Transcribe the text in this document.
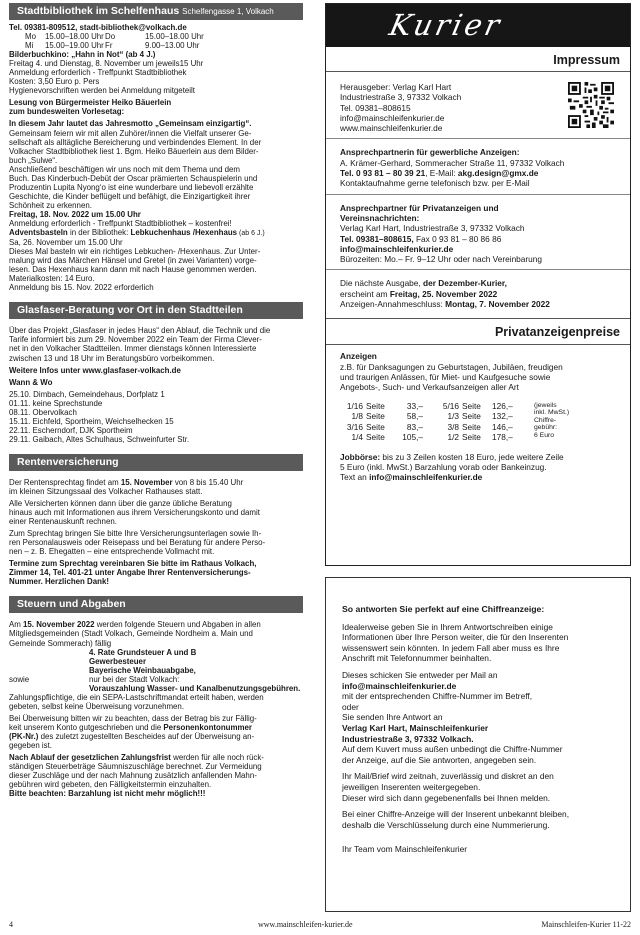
Stadtbibliothek im Schelfenhaus Schelfengasse 1, Volkach
Tel. 09381-809512, stadt-bibliothek@volkach.de
Mo	15.00–18.00 Uhr Do	15.00–18.00 Uhr
Mi	15.00–19.00 Uhr Fr	9.00–13.00 Uhr
Bilderbuchkino: „Hahn in Not“ (ab 4 J.)
Freitag 4. und Dienstag, 8. November um jeweils15 Uhr
Anmeldung erforderlich - Treffpunkt Stadtbibliothek
Kosten: 3,50 Euro p. Pers
Hygienevorschriften werden bei Anmeldung mitgeteilt
Lesung von Bürgermeister Heiko Bäuerlein
zum bundesweiten Vorlesetag:
In diesem Jahr lautet das Jahresmotto „Gemeinsam einzigartig“.
Gemeinsam feiern wir mit allen Zuhörer/innen die Vielfalt unserer Ge-
sellschaft als alltägliche Bereicherung und verbindendes Element. In der
Volkacher Stadtbibliothek liest 1. Bgm. Heiko Bäuerlein aus dem Bilder-
buch „Sulwe“.
Anschließend beschäftigen wir uns noch mit dem Thema und dem
Buch. Das Kinderbuch-Debüt der Oscar prämierten Schauspielerin und
Produzentin Lupita Nyong‘o ist eine wunderbare und liebevoll erzählte
Geschichte, die Kinder beflügelt und befähigt, die Einzigartigkeit ihrer
Schönheit zu erkennen.
Freitag, 18. Nov. 2022 um 15.00 Uhr
Anmeldung erforderlich - Treffpunkt Stadtbibliothek – kostenfrei!
Adventsbasteln in der Bibliothek: Lebkuchenhaus /Hexenhaus (ab 6 J.)
Sa, 26. November um 15.00 Uhr
Dieses Mal basteln wir ein richtiges Lebkuchen- /Hexenhaus. Zur Unter-
malung wird das Märchen Hänsel und Gretel (in zwei Varianten) vorge-
lesen. Das Hexenhaus kann dann mit nach Hause genommen werden.
Materialkosten: 14 Euro.
Anmeldung bis 15. Nov. 2022 erforderlich
Glasfaser-Beratung vor Ort in den Stadtteilen
Über das Projekt „Glasfaser in jedes Haus“ den Ablauf, die Technik und die
Tarife informiert bis zum 29. November 2022 ein Team der Firma Clever-
net in den Volkacher Stadtteilen. Immer dienstags können Interessierte
zwischen 13 und 18 Uhr im Beratungsbüro vorbeikommen.
Weitere Infos unter www.glasfaser-volkach.de
Wann & Wo
25.10. Dimbach, Gemeindehaus, Dorfplatz 1
01.11. keine Sprechstunde
08.11. Obervolkach
15.11. Eichfeld, Sportheim, Weichselhecken 15
22.11. Escherndorf, DJK Sportheim
29.11. Gaibach, Altes Schulhaus, Schweinfurter Str.
Rentenversicherung
Der Rentensprechtag findet am 15. November von 8 bis 15.40 Uhr
im kleinen Sitzungssaal des Volkacher Rathauses statt.
Alle Versicherten können dann über die ganze übliche Beratung
hinaus auch mit Informationen aus ihrem Versicherungskonto und damit
einer Rentenauskunft rechnen.
Zum Sprechtag bringen Sie bitte Ihre Versicherungsunterlagen sowie Ih-
ren Personalausweis oder Reisepass und bei Beratung für andere Perso-
nen – z. B. Ehegatten – eine entsprechende Vollmacht mit.
Termine zum Sprechtag vereinbaren Sie bitte im Rathaus Volkach,
Zimmer 14, Tel. 401-21 unter Angabe Ihrer Rentenversicherungs-
Nummer. Herzlichen Dank!
Steuern und Abgaben
Am 15. November 2022 werden folgende Steuern und Abgaben in allen
Mitgliedsgemeinden (Stadt Volkach, Gemeinde Nordheim a. Main und
Gemeinde Sommerach) fällig
4. Rate Grundsteuer A und B
Gewerbesteuer
Bayerische Weinbauabgabe,
sowie	nur bei der Stadt Volkach:
Vorauszahlung Wasser- und Kanalbenutzungsgebühren.
Zahlungspflichtige, die ein SEPA-Lastschriftmandat erteilt haben, werden
gebeten, selbst keine Überweisung vorzunehmen.
Bei Überweisung bitten wir zu beachten, dass der Betrag bis zur Fällig-
keit unserem Konto gutgeschrieben und die Personenkontonummer
(PK-Nr.) des zuletzt zugestellten Bescheides auf der Überweisung an-
gegeben ist.
Nach Ablauf der gesetzlichen Zahlungsfrist werden für alle noch rück-
ständigen Steuerbeträge Säumniszuschläge berechnet. Zur Vermeidung
dieser Zuschläge und der nach Mahnung zusätzlich anfallenden Mahn-
gebühren wird gebeten, den Fälligkeitstermin einzuhalten.
Bitte beachten: Barzahlung ist nicht mehr möglich!!!
Kurier
Impressum
Herausgeber: Verlag Karl Hart
Industriestraße 3, 97332 Volkach
Tel. 09381–808615
info@mainschleifenkurier.de
www.mainschleifenkurier.de
Ansprechpartnerin für gewerbliche Anzeigen:
A. Krämer-Gerhard, Sommeracher Straße 11, 97332 Volkach
Tel. 0 93 81 – 80 39 21, E-Mail: akg.design@gmx.de
Kontaktaufnahme gerne telefonisch bzw. per E-Mail
Ansprechpartner für Privatanzeigen und
Vereinsnachrichten:
Verlag Karl Hart, Industriestraße 3, 97332 Volkach
Tel. 09381–808615, Fax 0 93 81 – 80 86 86
info@mainschleifenkurier.de
Bürozeiten: Mo.– Fr. 9–12 Uhr oder nach Vereinbarung
Die nächste Ausgabe, der Dezember-Kurier,
erscheint am Freitag, 25. November 2022
Anzeigen-Annahmeschluss: Montag, 7. November 2022
Privatanzeigenpreise
Anzeigen
z.B. für Danksagungen zu Geburtstagen, Jubiläen, freudigen
und traurigen Anlässen, für Miet- und Kaufgesuche sowie
Angebots-, Such- und Verkaufsanzeigen aller Art
1/16 Seite	33,–	5/16 Seite	126,–
1/8 Seite	58,–	1/3 Seite	132,–
3/16 Seite	83,–	3/8 Seite	146,–
1/4 Seite	105,–	1/2 Seite	178,–
(jeweils
inkl. MwSt.)
Chiffre-
gebühr:
6 Euro
Jobbörse: bis zu 3 Zeilen kosten 18 Euro, jede weitere Zeile
5 Euro (inkl. MwSt.) Barzahlung vorab oder Bankeinzug.
Text an info@mainschleifenkurier.de
So antworten Sie perfekt auf eine Chiffreanzeige:
Idealerweise geben Sie in Ihrem Antwortschreiben einige
Informationen über Ihre Person weiter, die für den Inserenten
wissenswert sein könnten. In jedem Fall aber muss es Ihre
Anschrift mit Telefonnummer beinhalten.
Dieses schicken Sie entweder per Mail an
info@mainschleifenkurier.de
mit der entsprechenden Chiffre-Nummer im Betreff,
oder
Sie senden Ihre Antwort an
Verlag Karl Hart, Mainschleifenkurier
Industriestraße 3, 97332 Volkach.
Auf dem Kuvert muss außen unbedingt die Chiffre-Nummer
der Anzeige, auf die Sie antworten, angegeben sein.
Ihr Mail/Brief wird zeitnah, zuverlässig und diskret an den
jeweiligen Inserenten weitergegeben.
Dieser wird sich dann gegebenenfalls bei Ihnen melden.
Bei einer Chiffre-Anzeige will der Inserent unbekannt bleiben,
deshalb die Verschlüsselung durch eine Nummerierung.
Ihr Team vom Mainschleifenkurier
4	www.mainschleifen-kurier.de	Mainschleifen-Kurier 11-22
